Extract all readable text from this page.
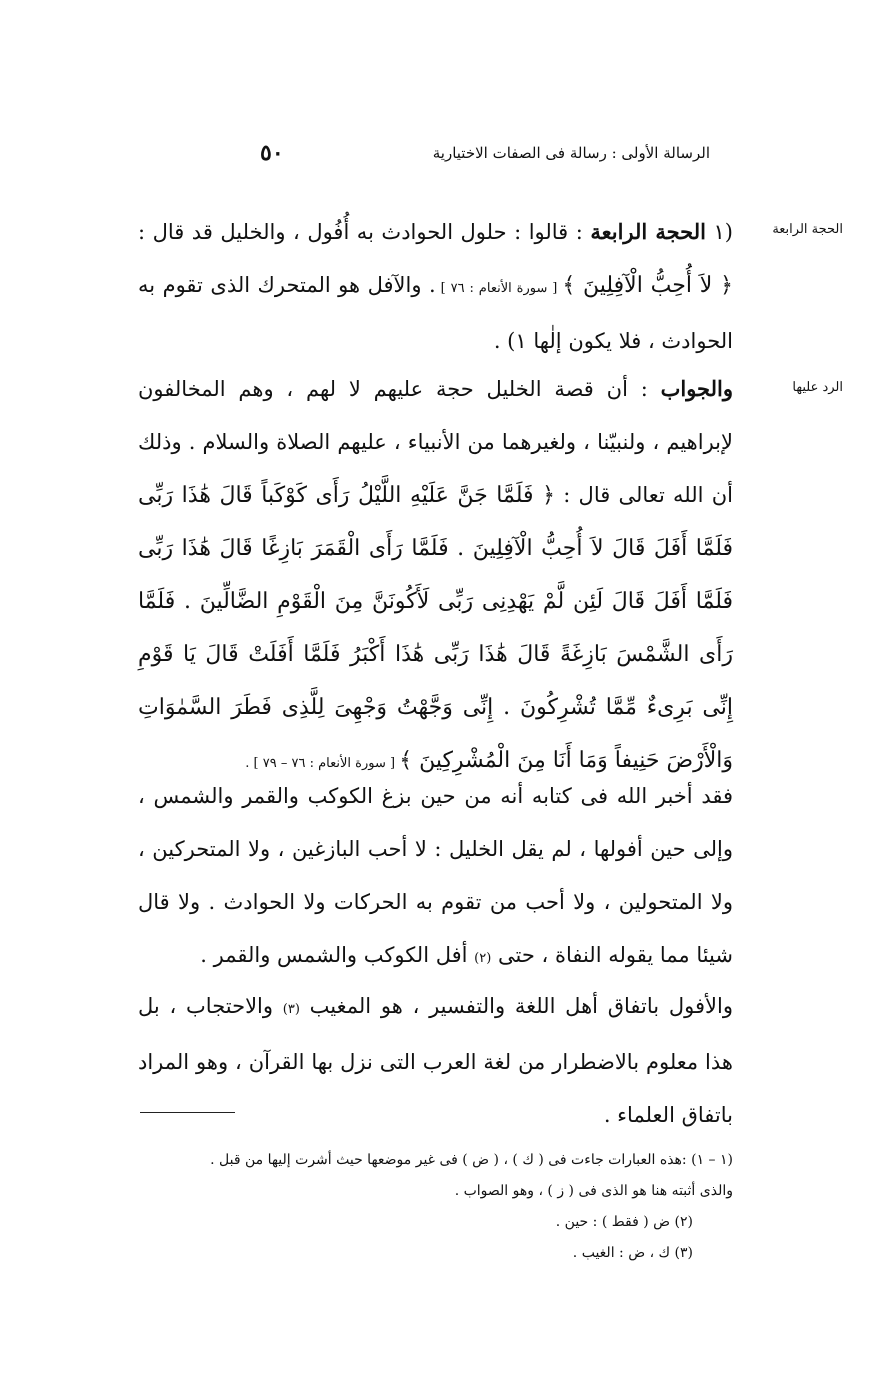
٥٠	الرسالة الأولى : رسالة فى الصفات الاختيارية
الحجة الرابعة
الرد عليها

(١ الحجة الرابعة : قالوا : حلول الحوادث به أُفُول ، والخليل قد قال : ﴿ لاَ أُحِبُّ الْآفِلِينَ ﴾ [ سورة الأنعام : ٧٦ ] . والآفل هو المتحرك الذى تقوم به الحوادث ، فلا يكون إلٰها ١) .

والجواب : أن قصة الخليل حجة عليهم لا لهم ، وهم المخالفون لإبراهيم ، ولنبيّنا ، ولغيرهما من الأنبياء ، عليهم الصلاة والسلام . وذلك أن الله تعالى قال : ﴿ فَلَمَّا جَنَّ عَلَيْهِ اللَّيْلُ رَأَى كَوْكَباً قَالَ هَٰذَا رَبِّى فَلَمَّا أَفَلَ قَالَ لاَ أُحِبُّ الْآفِلِينَ . فَلَمَّا رَأَى الْقَمَرَ بَازِغًا قَالَ هَٰذَا رَبِّى فَلَمَّا أَفَلَ قَالَ لَئِن لَّمْ يَهْدِنِى رَبِّى لَأَكُونَنَّ مِنَ الْقَوْمِ الضَّالِّينَ . فَلَمَّا رَأَى الشَّمْسَ بَازِغَةً قَالَ هَٰذَا رَبِّى هَٰذَا أَكْبَرُ فَلَمَّا أَفَلَتْ قَالَ يَا قَوْمِ إِنِّى بَرِىءٌ مِّمَّا تُشْرِكُونَ . إِنِّى وَجَّهْتُ وَجْهِىَ لِلَّذِى فَطَرَ السَّمٰوَاتِ وَالْأَرْضَ حَنِيفاً وَمَا أَنَا مِنَ الْمُشْرِكِينَ ﴾ [ سورة الأنعام : ٧٦ – ٧٩ ] .

فقد أخبر الله فى كتابه أنه من حين بزغ الكوكب والقمر والشمس ، وإلى حين أفولها ، لم يقل الخليل : لا أحب البازغين ، ولا المتحركين ، ولا المتحولين ، ولا أحب من تقوم به الحركات ولا الحوادث . ولا قال شيئا مما يقوله النفاة ، حتى (٢) أفل الكوكب والشمس والقمر .

والأفول باتفاق أهل اللغة والتفسير ، هو المغيب (٣) والاحتجاب ، بل هذا معلوم بالاضطرار من لغة العرب التى نزل بها القرآن ، وهو المراد باتفاق العلماء .

(١ – ١) :هذه العبارات جاءت فى ( ك ) ، ( ض ) فى غير موضعها حيث أشرت إليها من قبل .
والذى أثبته هنا هو الذى فى ( ز ) ، وهو الصواب .
(٢) ض ( فقط ) : حين .
(٣) ك ، ض : الغيب .
